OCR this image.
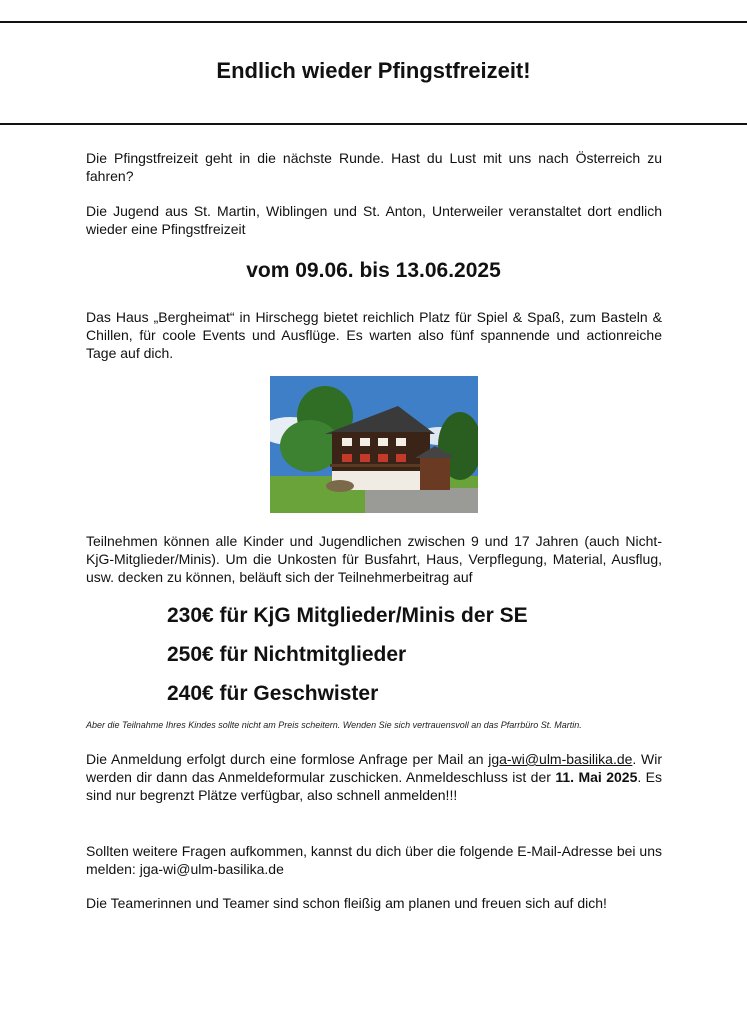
Endlich wieder Pfingstfreizeit!

Die Pfingstfreizeit geht in die nächste Runde. Hast du Lust mit uns nach Österreich zu fahren?

Die Jugend aus St. Martin, Wiblingen und St. Anton, Unterweiler veranstaltet dort endlich wieder eine Pfingstfreizeit

vom 09.06. bis 13.06.2025

Das Haus „Bergheimat“ in Hirschegg bietet reichlich Platz für Spiel & Spaß, zum Basteln & Chillen, für coole Events und Ausflüge. Es warten also fünf spannende und actionreiche Tage auf dich.

Teilnehmen können alle Kinder und Jugendlichen zwischen 9 und 17 Jahren (auch Nicht-KjG-Mitglieder/Minis). Um die Unkosten für Busfahrt, Haus, Verpflegung, Material, Ausflug, usw. decken zu können, beläuft sich der Teilnehmerbeitrag auf

230€ für KjG Mitglieder/Minis der SE
250€ für Nichtmitglieder
240€ für Geschwister
Aber die Teilnahme Ihres Kindes sollte nicht am Preis scheitern. Wenden Sie sich vertrauensvoll an das Pfarrbüro St. Martin.

Die Anmeldung erfolgt durch eine formlose Anfrage per Mail an jga-wi@ulm-basilika.de. Wir werden dir dann das Anmeldeformular zuschicken. Anmeldeschluss ist der 11. Mai 2025. Es sind nur begrenzt Plätze verfügbar, also schnell anmelden!!!

Sollten weitere Fragen aufkommen, kannst du dich über die folgende E-Mail-Adresse bei uns melden: jga-wi@ulm-basilika.de

Die Teamerinnen und Teamer sind schon fleißig am planen und freuen sich auf dich!
